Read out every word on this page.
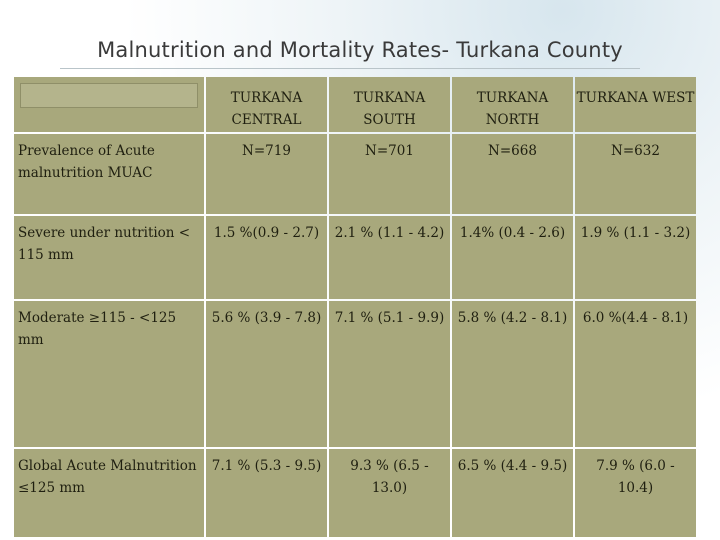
Malnutrition and Mortality Rates- Turkana County
	TURKANA CENTRAL	TURKANA SOUTH	TURKANA NORTH	TURKANA WEST
Prevalence of Acute malnutrition MUAC	N=719	N=701	N=668	N=632
Severe under nutrition < 115 mm	1.5 %(0.9 - 2.7)	2.1 % (1.1 - 4.2)	1.4% (0.4 - 2.6)	1.9 % (1.1 - 3.2)
Moderate ≥115 - <125 mm	5.6 % (3.9 - 7.8)	7.1 % (5.1 - 9.9)	5.8 % (4.2 - 8.1)	6.0 %(4.4 - 8.1)
Global Acute Malnutrition ≤125 mm	7.1 % (5.3 - 9.5)	9.3 % (6.5 - 13.0)	6.5 % (4.4 - 9.5)	7.9 % (6.0 - 10.4)
